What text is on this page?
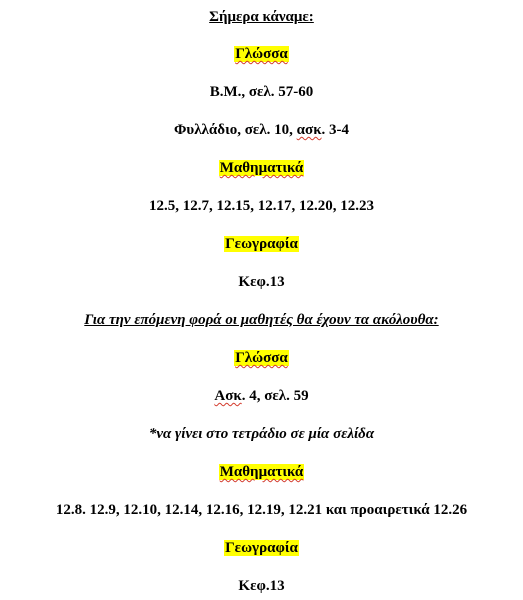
Σήμερα κάναμε:
Γλώσσα
Β.Μ., σελ. 57-60
Φυλλάδιο, σελ. 10, ασκ. 3-4
Μαθηματικά
12.5, 12.7, 12.15, 12.17, 12.20, 12.23
Γεωγραφία
Κεφ.13
Για την επόμενη φορά οι μαθητές θα έχουν τα ακόλουθα:
Γλώσσα
Ασκ. 4, σελ. 59
*να γίνει στο τετράδιο σε μία σελίδα
Μαθηματικά
12.8. 12.9, 12.10, 12.14, 12.16, 12.19, 12.21 και προαιρετικά 12.26
Γεωγραφία
Κεφ.13
